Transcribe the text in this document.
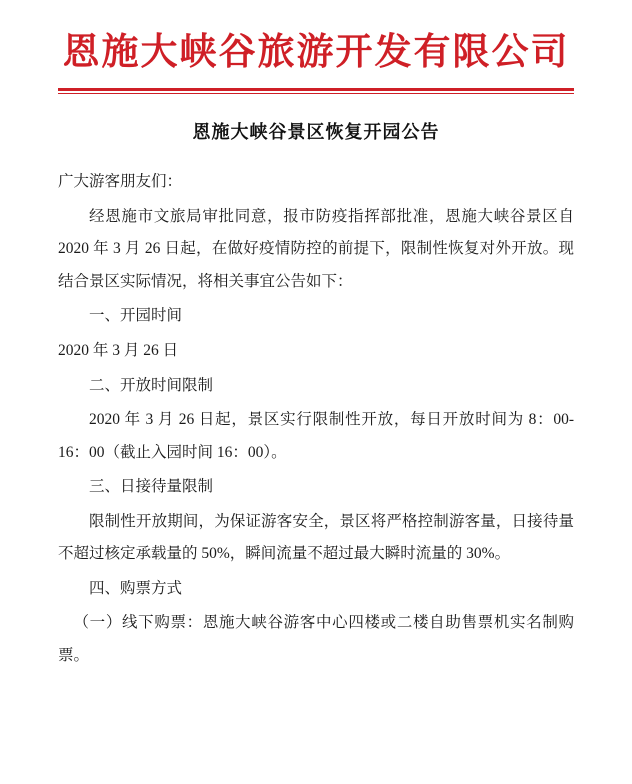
恩施大峡谷旅游开发有限公司
恩施大峡谷景区恢复开园公告

广大游客朋友们：

经恩施市文旅局审批同意，报市防疫指挥部批准，恩施大峡谷景区自 2020 年 3 月 26 日起，在做好疫情防控的前提下，限制性恢复对外开放。现结合景区实际情况，将相关事宜公告如下：

一、开园时间

2020 年 3 月 26 日

二、开放时间限制

2020 年 3 月 26 日起，景区实行限制性开放，每日开放时间为 8：00-16：00（截止入园时间 16：00）。

三、日接待量限制

限制性开放期间，为保证游客安全，景区将严格控制游客量，日接待量不超过核定承载量的 50%，瞬间流量不超过最大瞬时流量的 30%。

四、购票方式

（一）线下购票：恩施大峡谷游客中心四楼或二楼自助售票机实名制购票。
